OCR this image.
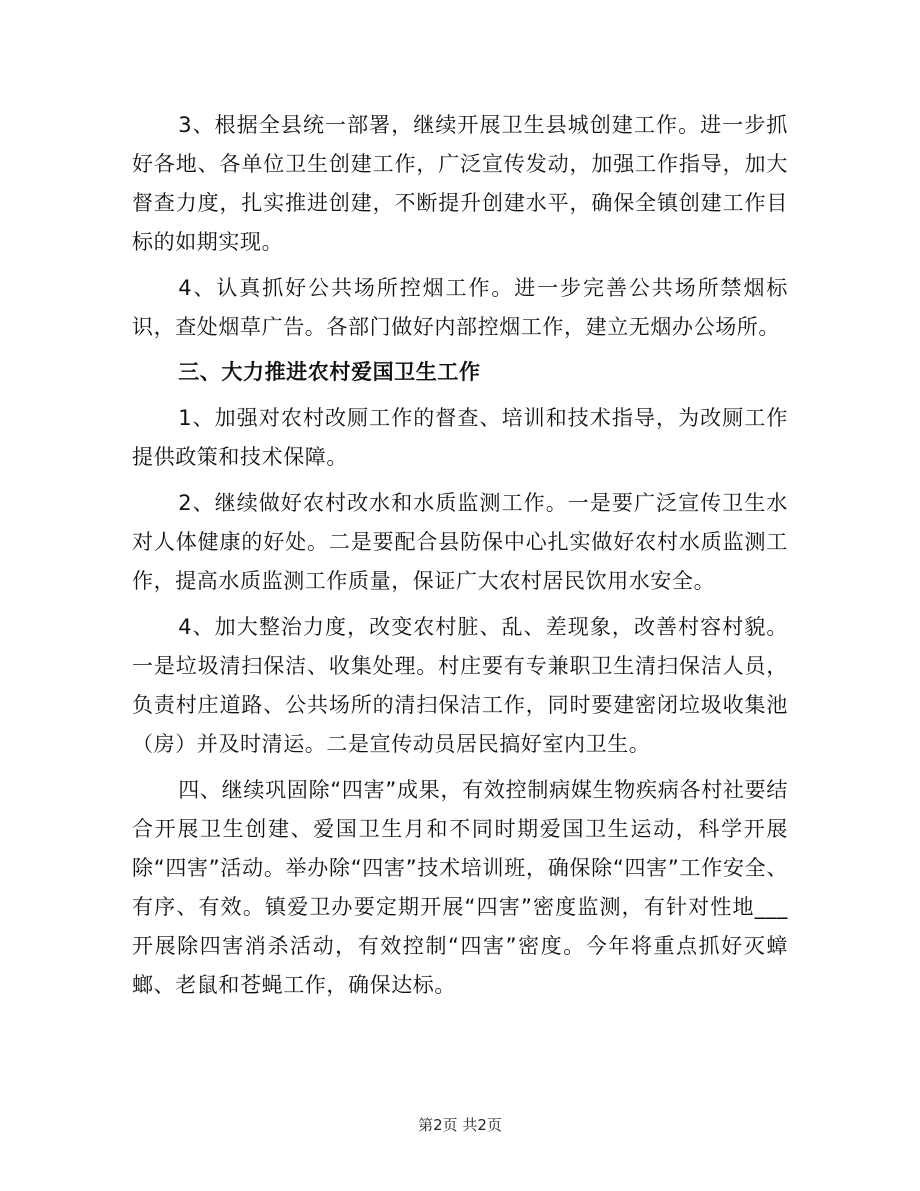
3、根据全县统一部署，继续开展卫生县城创建工作。进一步抓好各地、各单位卫生创建工作，广泛宣传发动，加强工作指导，加大督查力度，扎实推进创建，不断提升创建水平，确保全镇创建工作目标的如期实现。

4、认真抓好公共场所控烟工作。进一步完善公共场所禁烟标识，查处烟草广告。各部门做好内部控烟工作，建立无烟办公场所。

三、大力推进农村爱国卫生工作

1、加强对农村改厕工作的督查、培训和技术指导，为改厕工作提供政策和技术保障。

2、继续做好农村改水和水质监测工作。一是要广泛宣传卫生水对人体健康的好处。二是要配合县防保中心扎实做好农村水质监测工作，提高水质监测工作质量，保证广大农村居民饮用水安全。

4、加大整治力度，改变农村脏、乱、差现象，改善村容村貌。一是垃圾清扫保洁、收集处理。村庄要有专兼职卫生清扫保洁人员，负责村庄道路、公共场所的清扫保洁工作，同时要建密闭垃圾收集池（房）并及时清运。二是宣传动员居民搞好室内卫生。

四、继续巩固除“四害”成果，有效控制病媒生物疾病各村社要结合开展卫生创建、爱国卫生月和不同时期爱国卫生运动，科学开展除“四害”活动。举办除“四害”技术培训班，确保除“四害”工作安全、有序、有效。镇爱卫办要定期开展“四害”密度监测，有针对性地___开展除四害消杀活动，有效控制“四害”密度。今年将重点抓好灭蟑螂、老鼠和苍蝇工作，确保达标。

第2页 共2页
